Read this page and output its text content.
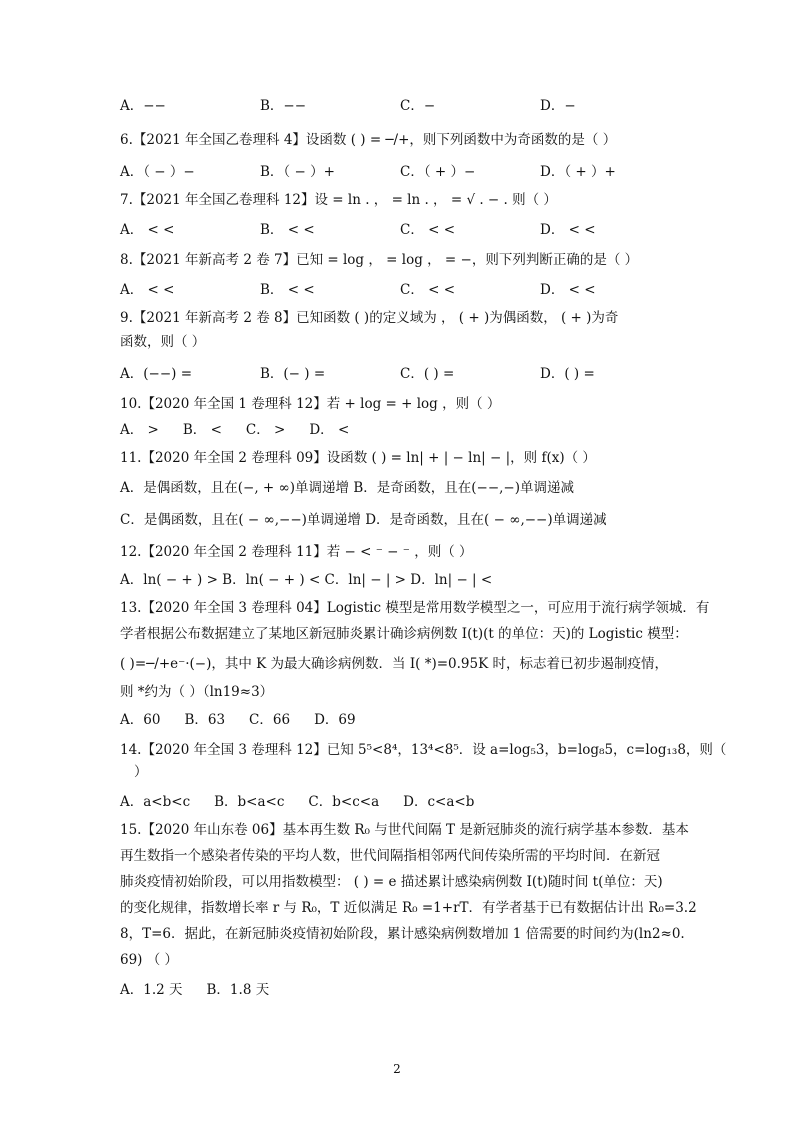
A．−−	B．−−	C．−	D．−
6.【2021 年全国乙卷理科 4】设函数 ( ) = ─/+，则下列函数中为奇函数的是（ ）
A．（ − ）−	B．（ − ）+	C．（ + ）−	D．（ + ）+
7.【2021 年全国乙卷理科 12】设 = ln . ， = ln . ， = √ . − . 则（ ）
A． < <	B． < <	C． < <	D． < <
8.【2021 年新高考 2 卷 7】已知 = log ， = log ， = −，则下列判断正确的是（ ）
A． < <	B． < <	C． < <	D． < <
9.【2021 年新高考 2 卷 8】已知函数 ( )的定义域为 ， ( + )为偶函数， ( + )为奇
函数，则（ ）
A．(−−) =	B．(− ) =	C．( ) =	D．( ) =
10.【2020 年全国 1 卷理科 12】若 + log = + log ，则（ ）
A． > B． < C． > D． <
11.【2020 年全国 2 卷理科 09】设函数 ( ) = ln| + | − ln| − |，则 f(x)（ ）
A．是偶函数，且在(−, + ∞)单调递增 B．是奇函数，且在(−−,−)单调递减
C．是偶函数，且在( − ∞,−−)单调递增 D．是奇函数，且在( − ∞,−−)单调递减
12.【2020 年全国 2 卷理科 11】若 − < ⁻ − ⁻ ，则（ ）
A．ln( − + ) > B．ln( − + ) < C．ln| − | > D．ln| − | <
13.【2020 年全国 3 卷理科 04】Logistic 模型是常用数学模型之一，可应用于流行病学领城．有
学者根据公布数据建立了某地区新冠肺炎累计确诊病例数 I(t)(t 的单位：天)的 Logistic 模型：
( )=─/+e⁻·(−)，其中 K 为最大确诊病例数．当 I( *)=0.95K 时，标志着已初步遏制疫情，
则 *约为（ ）（ln19≈3）
A．60 B．63 C．66 D．69
14.【2020 年全国 3 卷理科 12】已知 5⁵<8⁴，13⁴<8⁵．设 a=log₅3，b=log₈5，c=log₁₃8，则（
）
A．a<b<c B．b<a<c C．b<c<a D．c<a<b
15.【2020 年山东卷 06】基本再生数 R₀ 与世代间隔 T 是新冠肺炎的流行病学基本参数．基本
再生数指一个感染者传染的平均人数，世代间隔指相邻两代间传染所需的平均时间．在新冠
肺炎疫情初始阶段，可以用指数模型： ( ) = e 描述累计感染病例数 I(t)随时间 t(单位：天)
的变化规律，指数增长率 r 与 R₀，T 近似满足 R₀ =1+rT．有学者基于已有数据估计出 R₀=3.2
8，T=6．据此，在新冠肺炎疫情初始阶段，累计感染病例数增加 1 倍需要的时间约为(ln2≈0.
69) （ ）
A．1.2 天 B．1.8 天
2
